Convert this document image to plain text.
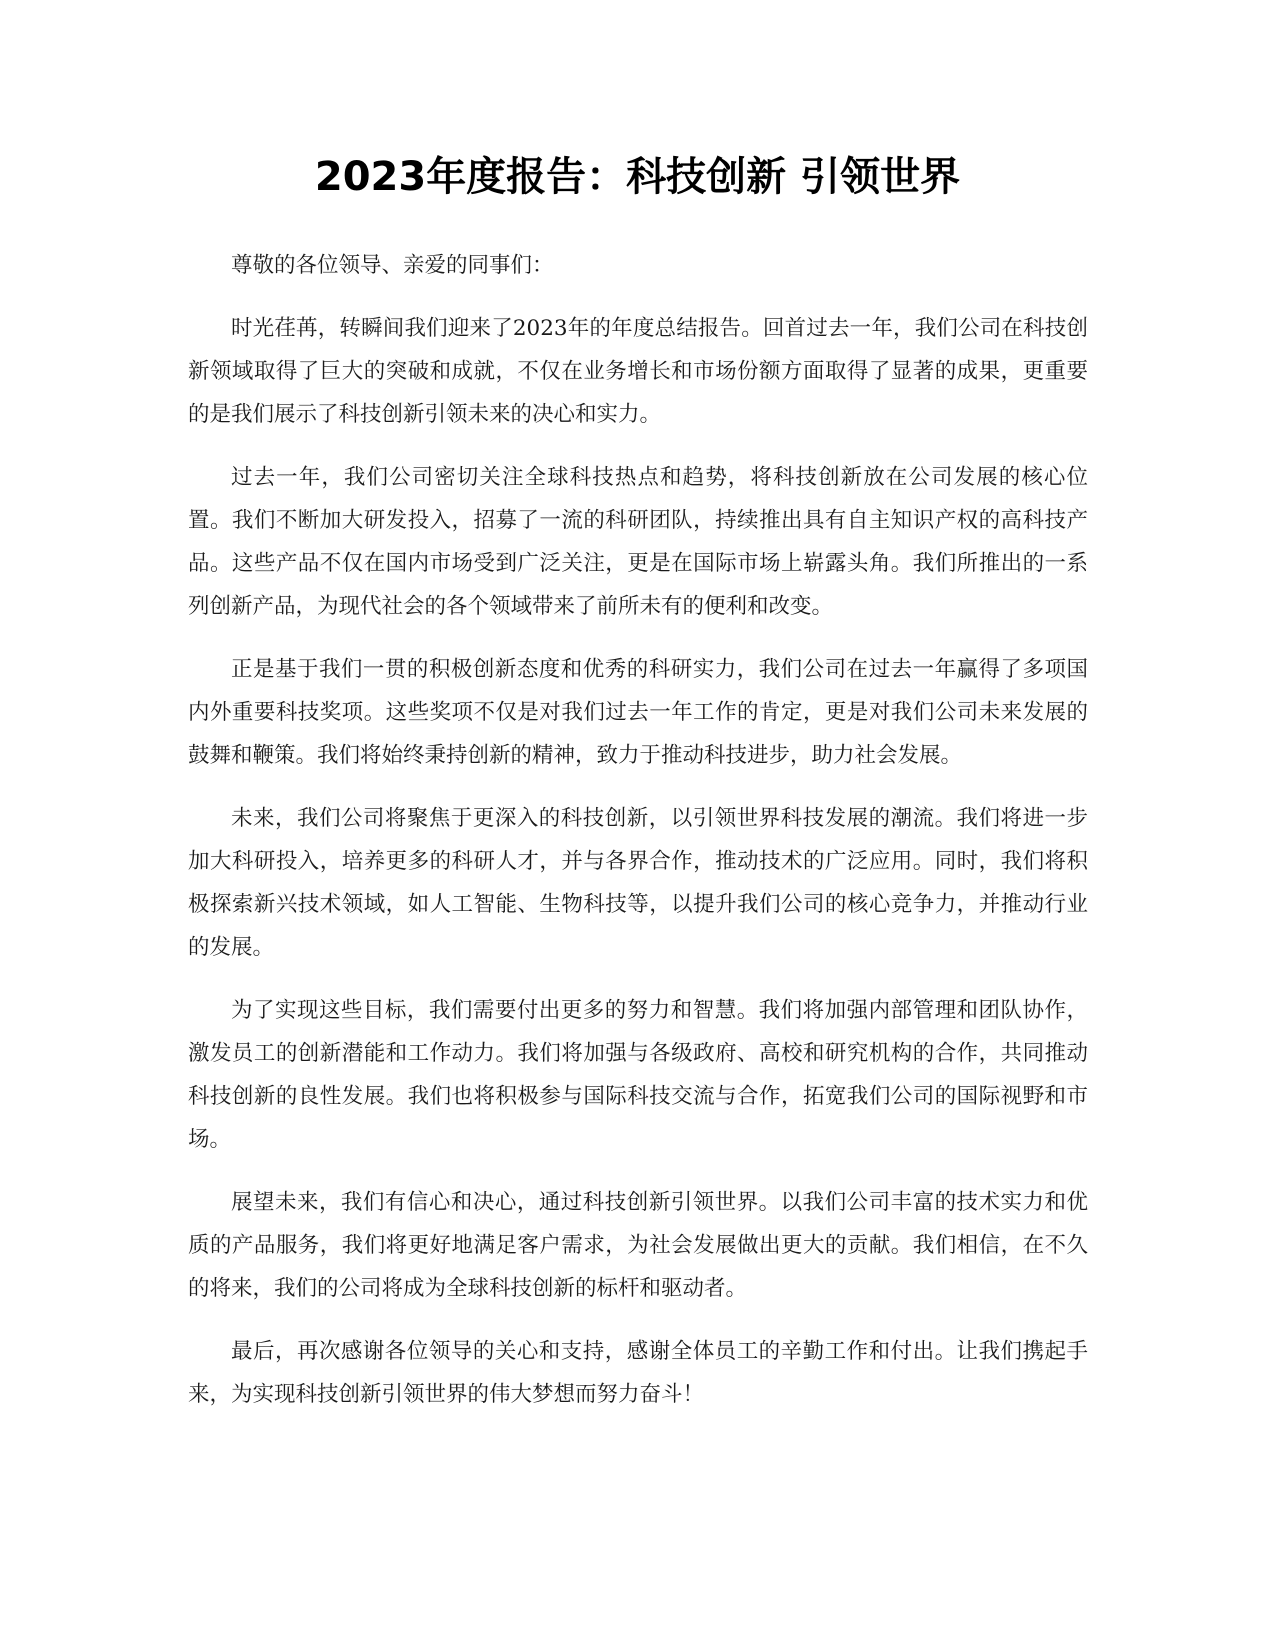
2023年度报告：科技创新 引领世界

尊敬的各位领导、亲爱的同事们：

时光荏苒，转瞬间我们迎来了2023年的年度总结报告。回首过去一年，我们公司在科技创新领域取得了巨大的突破和成就，不仅在业务增长和市场份额方面取得了显著的成果，更重要的是我们展示了科技创新引领未来的决心和实力。

过去一年，我们公司密切关注全球科技热点和趋势，将科技创新放在公司发展的核心位置。我们不断加大研发投入，招募了一流的科研团队，持续推出具有自主知识产权的高科技产品。这些产品不仅在国内市场受到广泛关注，更是在国际市场上崭露头角。我们所推出的一系列创新产品，为现代社会的各个领域带来了前所未有的便利和改变。

正是基于我们一贯的积极创新态度和优秀的科研实力，我们公司在过去一年赢得了多项国内外重要科技奖项。这些奖项不仅是对我们过去一年工作的肯定，更是对我们公司未来发展的鼓舞和鞭策。我们将始终秉持创新的精神，致力于推动科技进步，助力社会发展。

未来，我们公司将聚焦于更深入的科技创新，以引领世界科技发展的潮流。我们将进一步加大科研投入，培养更多的科研人才，并与各界合作，推动技术的广泛应用。同时，我们将积极探索新兴技术领域，如人工智能、生物科技等，以提升我们公司的核心竞争力，并推动行业的发展。

为了实现这些目标，我们需要付出更多的努力和智慧。我们将加强内部管理和团队协作，激发员工的创新潜能和工作动力。我们将加强与各级政府、高校和研究机构的合作，共同推动科技创新的良性发展。我们也将积极参与国际科技交流与合作，拓宽我们公司的国际视野和市场。

展望未来，我们有信心和决心，通过科技创新引领世界。以我们公司丰富的技术实力和优质的产品服务，我们将更好地满足客户需求，为社会发展做出更大的贡献。我们相信，在不久的将来，我们的公司将成为全球科技创新的标杆和驱动者。

最后，再次感谢各位领导的关心和支持，感谢全体员工的辛勤工作和付出。让我们携起手来，为实现科技创新引领世界的伟大梦想而努力奋斗！
